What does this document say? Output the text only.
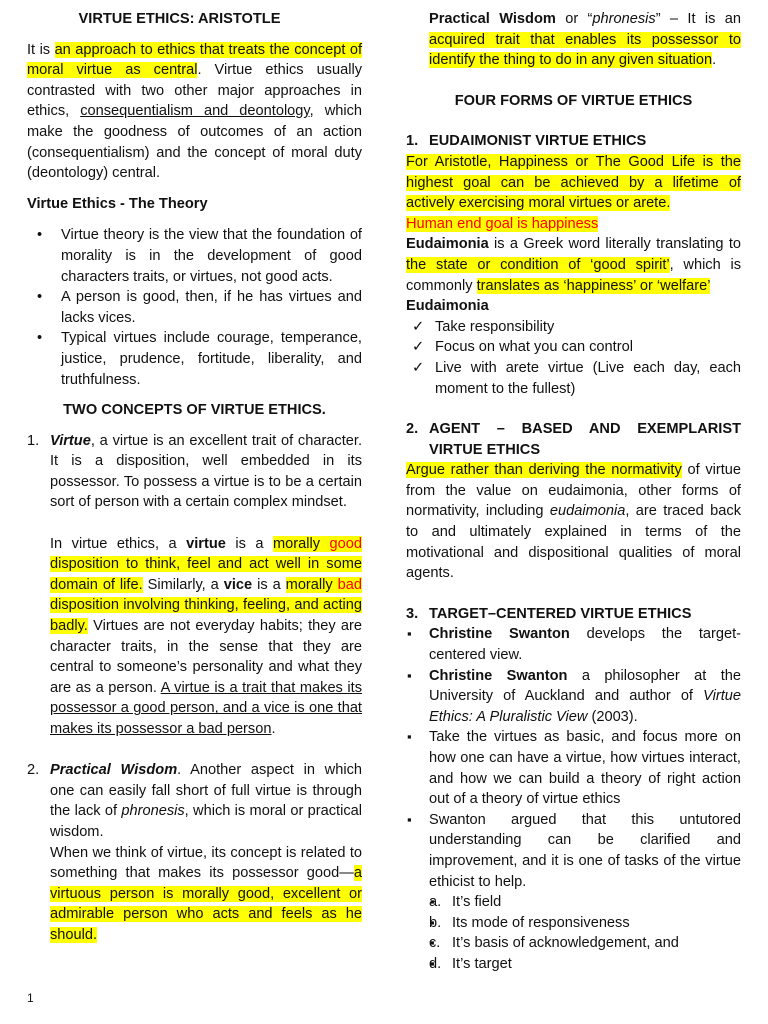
VIRTUE ETHICS: ARISTOTLE

It is an approach to ethics that treats the concept of moral virtue as central. Virtue ethics usually contrasted with two other major approaches in ethics, consequentialism and deontology, which make the goodness of outcomes of an action (consequentialism) and the concept of moral duty (deontology) central.

Virtue Ethics - The Theory
• Virtue theory is the view that the foundation of morality is in the development of good characters traits, or virtues, not good acts.
• A person is good, then, if he has virtues and lacks vices.
• Typical virtues include courage, temperance, justice, prudence, fortitude, liberality, and truthfulness.
TWO CONCEPTS OF VIRTUE ETHICS.
1. Virtue, a virtue is an excellent trait of character. It is a disposition, well embedded in its possessor. To possess a virtue is to be a certain sort of person with a certain complex mindset.

In virtue ethics, a virtue is a morally good disposition to think, feel and act well in some domain of life. Similarly, a vice is a morally bad disposition involving thinking, feeling, and acting badly. Virtues are not everyday habits; they are character traits, in the sense that they are central to someone’s personality and what they are as a person. A virtue is a trait that makes its possessor a good person, and a vice is one that makes its possessor a bad person.

2. Practical Wisdom. Another aspect in which one can easily fall short of full virtue is through the lack of phronesis, which is moral or practical wisdom.

When we think of virtue, its concept is related to something that makes its possessor good—a virtuous person is morally good, excellent or admirable person who acts and feels as he should.

Practical Wisdom or “phronesis” – It is an acquired trait that enables its possessor to identify the thing to do in any given situation.

FOUR FORMS OF VIRTUE ETHICS
1. EUDAIMONIST VIRTUE ETHICS

For Aristotle, Happiness or The Good Life is the highest goal can be achieved by a lifetime of actively exercising moral virtues or arete.

Human end goal is happiness

Eudaimonia is a Greek word literally translating to the state or condition of ‘good spirit’, which is commonly translates as ‘happiness’ or ‘welfare’

Eudaimonia
✓ Take responsibility
✓ Focus on what you can control
✓ Live with arete virtue (Live each day, each moment to the fullest)
2. AGENT – BASED AND EXEMPLARIST VIRTUE ETHICS

Argue rather than deriving the normativity of virtue from the value on eudaimonia, other forms of normativity, including eudaimonia, are traced back to and ultimately explained in terms of the motivational and dispositional qualities of moral agents.

3. TARGET–CENTERED VIRTUE ETHICS
▪ Christine Swanton develops the target-centered view.
▪ Christine Swanton a philosopher at the University of Auckland and author of Virtue Ethics: A Pluralistic View (2003).
▪ Take the virtues as basic, and focus more on how one can have a virtue, how virtues interact, and how we can build a theory of right action out of a theory of virtue ethics
▪ Swanton argued that this untutored understanding can be clarified and improvement, and it is one of tasks of the virtue ethicist to help.
▪ a. It’s field
▪ b. Its mode of responsiveness
▪ c. It’s basis of acknowledgement, and
▪ d. It’s target
1
